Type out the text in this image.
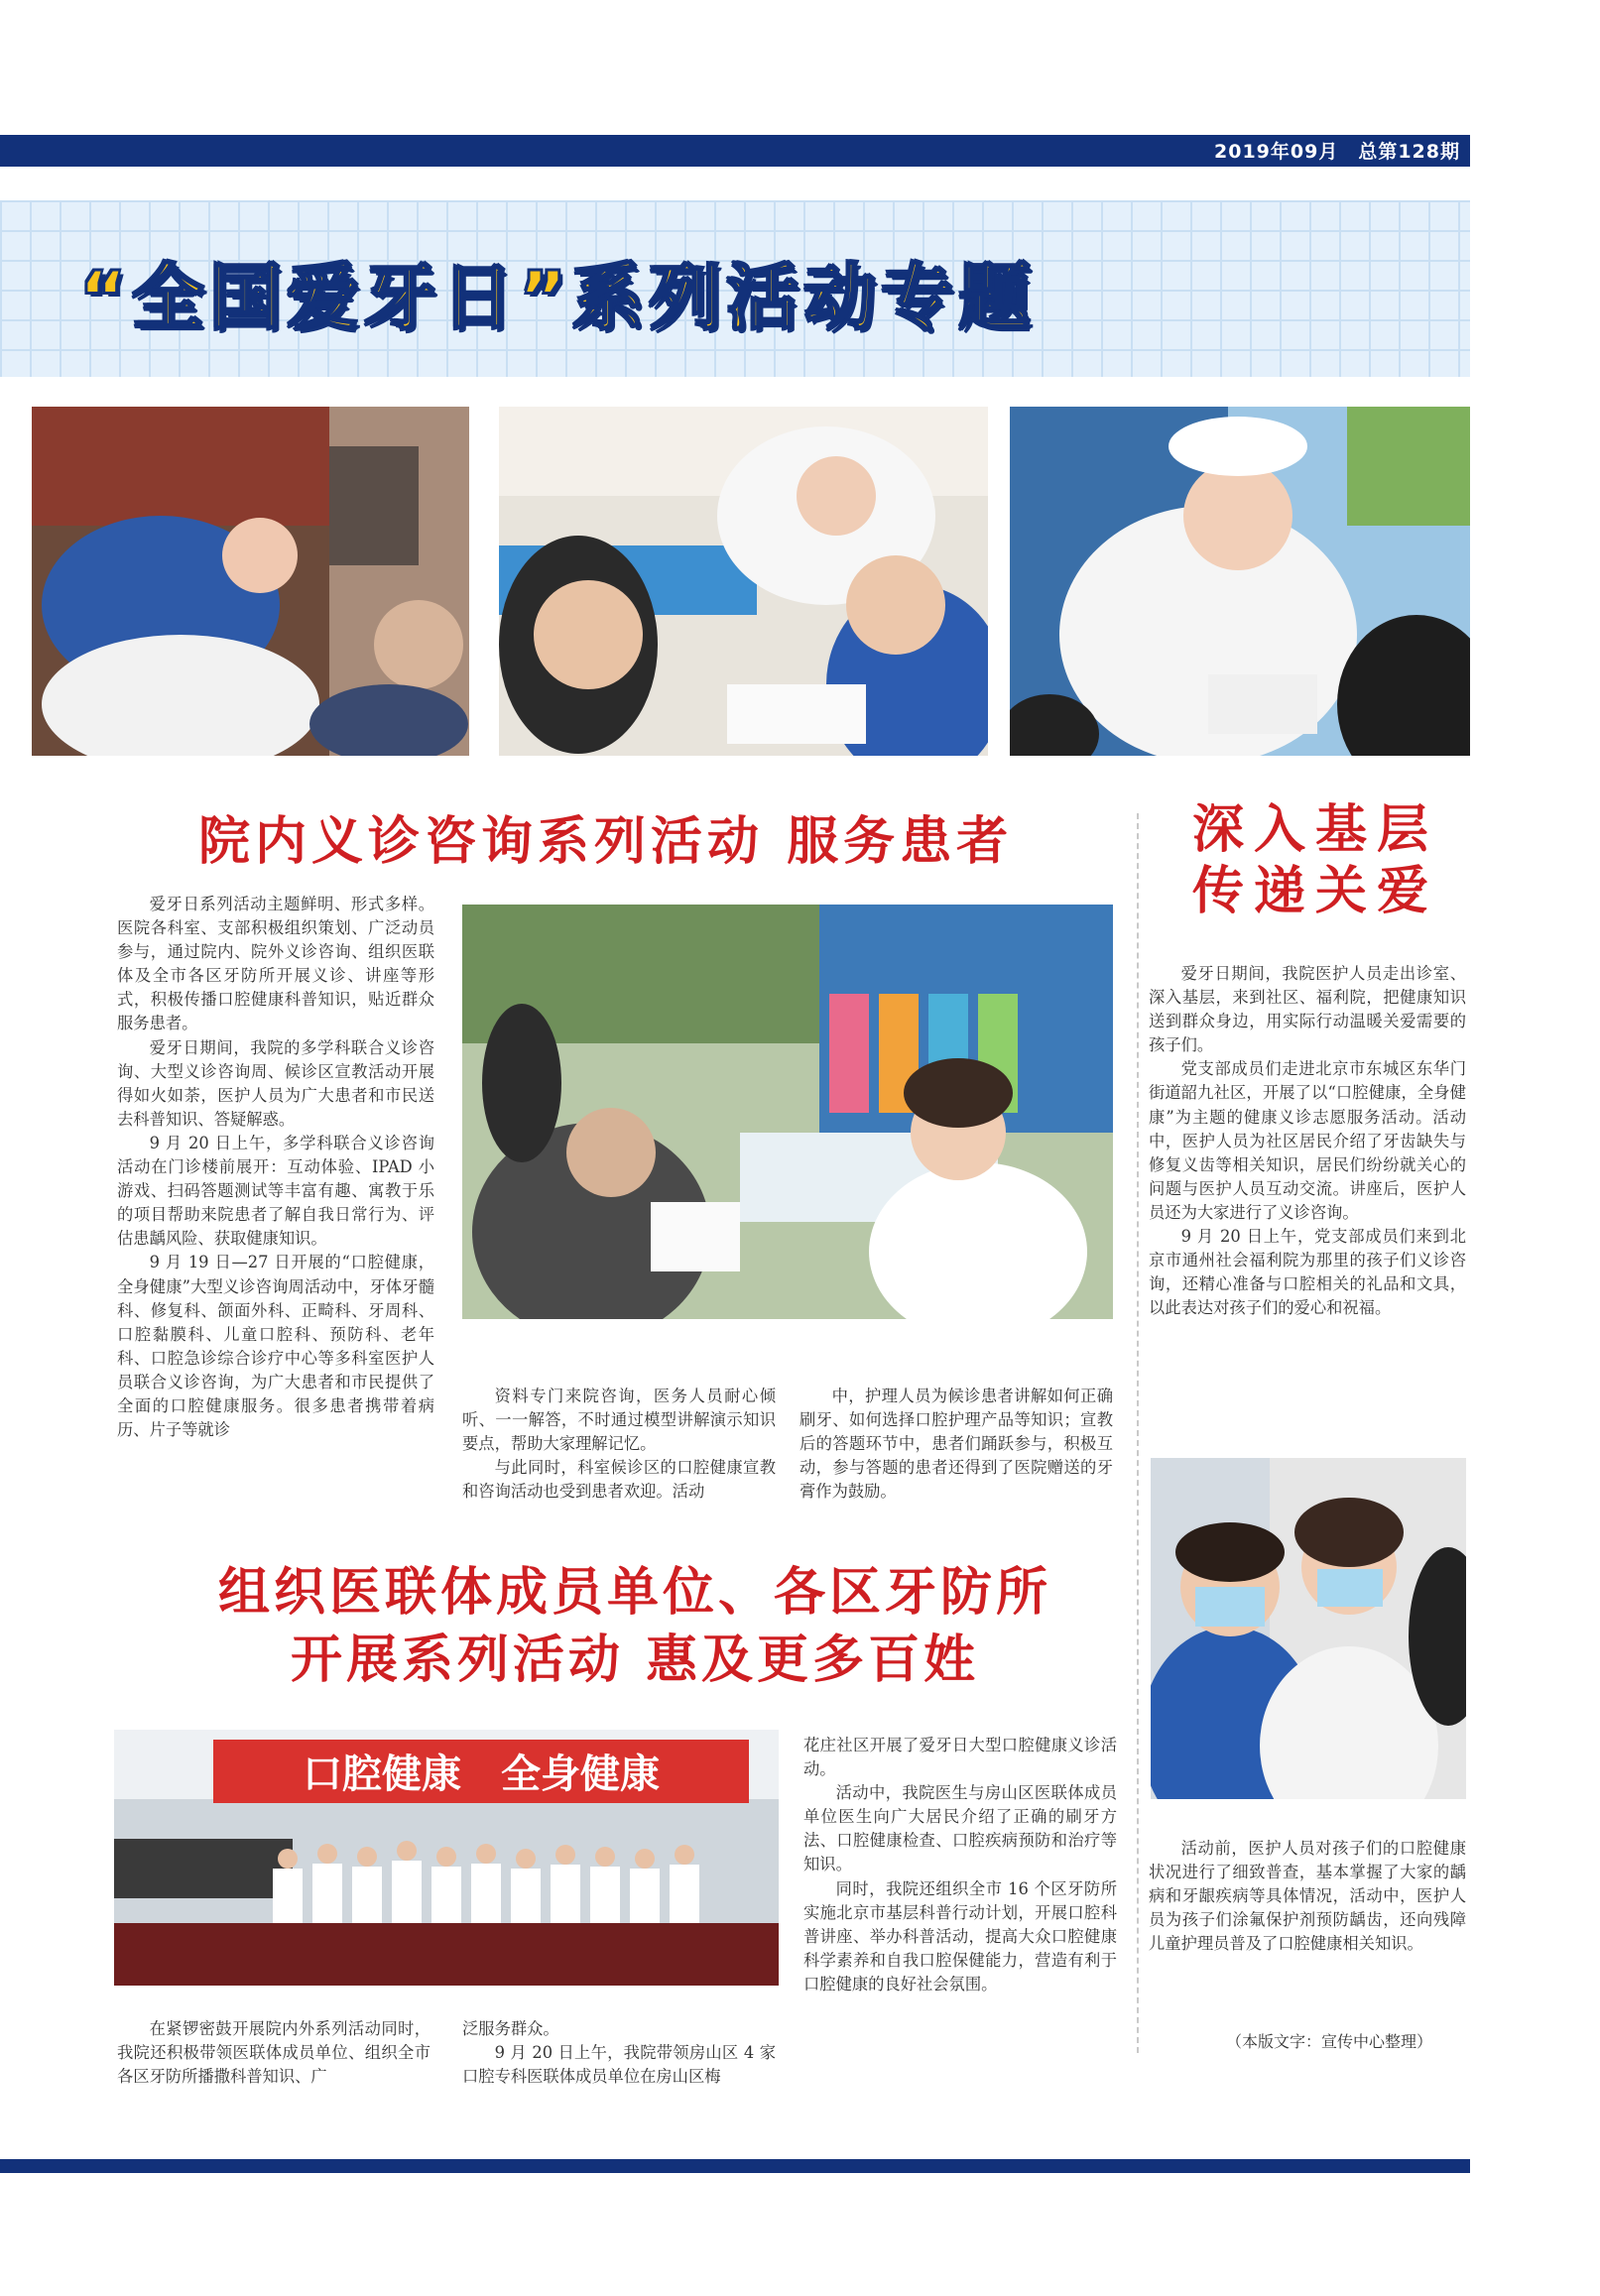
2019年09月　总第128期
“全国爱牙日”系列活动专题
院内义诊咨询系列活动 服务患者

爱牙日系列活动主题鲜明、形式多样。医院各科室、支部积极组织策划、广泛动员参与，通过院内、院外义诊咨询、组织医联体及全市各区牙防所开展义诊、讲座等形式，积极传播口腔健康科普知识，贴近群众服务患者。

爱牙日期间，我院的多学科联合义诊咨询、大型义诊咨询周、候诊区宣教活动开展得如火如荼，医护人员为广大患者和市民送去科普知识、答疑解惑。

9 月 20 日上午，多学科联合义诊咨询活动在门诊楼前展开：互动体验、IPAD 小游戏、扫码答题测试等丰富有趣、寓教于乐的项目帮助来院患者了解自我日常行为、评估患龋风险、获取健康知识。

9 月 19 日—27 日开展的“口腔健康，全身健康”大型义诊咨询周活动中，牙体牙髓科、修复科、颌面外科、正畸科、牙周科、口腔黏膜科、儿童口腔科、预防科、老年科、口腔急诊综合诊疗中心等多科室医护人员联合义诊咨询，为广大患者和市民提供了全面的口腔健康服务。很多患者携带着病历、片子等就诊

资料专门来院咨询，医务人员耐心倾听、一一解答，不时通过模型讲解演示知识要点，帮助大家理解记忆。

与此同时，科室候诊区的口腔健康宣教和咨询活动也受到患者欢迎。活动

中，护理人员为候诊患者讲解如何正确刷牙、如何选择口腔护理产品等知识；宣教后的答题环节中，患者们踊跃参与，积极互动，参与答题的患者还得到了医院赠送的牙膏作为鼓励。

深入基层
传递关爱

爱牙日期间，我院医护人员走出诊室、深入基层，来到社区、福利院，把健康知识送到群众身边，用实际行动温暖关爱需要的孩子们。

党支部成员们走进北京市东城区东华门街道韶九社区，开展了以“口腔健康，全身健康”为主题的健康义诊志愿服务活动。活动中，医护人员为社区居民介绍了牙齿缺失与修复义齿等相关知识，居民们纷纷就关心的问题与医护人员互动交流。讲座后，医护人员还为大家进行了义诊咨询。

9 月 20 日上午，党支部成员们来到北京市通州社会福利院为那里的孩子们义诊咨询，还精心准备与口腔相关的礼品和文具，以此表达对孩子们的爱心和祝福。

活动前，医护人员对孩子们的口腔健康状况进行了细致普查，基本掌握了大家的龋病和牙龈疾病等具体情况，活动中，医护人员为孩子们涂氟保护剂预防龋齿，还向残障儿童护理员普及了口腔健康相关知识。

（本版文字：宣传中心整理）
组织医联体成员单位、各区牙防所
开展系列活动 惠及更多百姓
口腔健康　全身健康

在紧锣密鼓开展院内外系列活动同时，我院还积极带领医联体成员单位、组织全市各区牙防所播撒科普知识、广

泛服务群众。

9 月 20 日上午，我院带领房山区 4 家口腔专科医联体成员单位在房山区梅

花庄社区开展了爱牙日大型口腔健康义诊活动。

活动中，我院医生与房山区医联体成员单位医生向广大居民介绍了正确的刷牙方法、口腔健康检查、口腔疾病预防和治疗等知识。

同时，我院还组织全市 16 个区牙防所实施北京市基层科普行动计划，开展口腔科普讲座、举办科普活动，提高大众口腔健康科学素养和自我口腔保健能力，营造有利于口腔健康的良好社会氛围。
